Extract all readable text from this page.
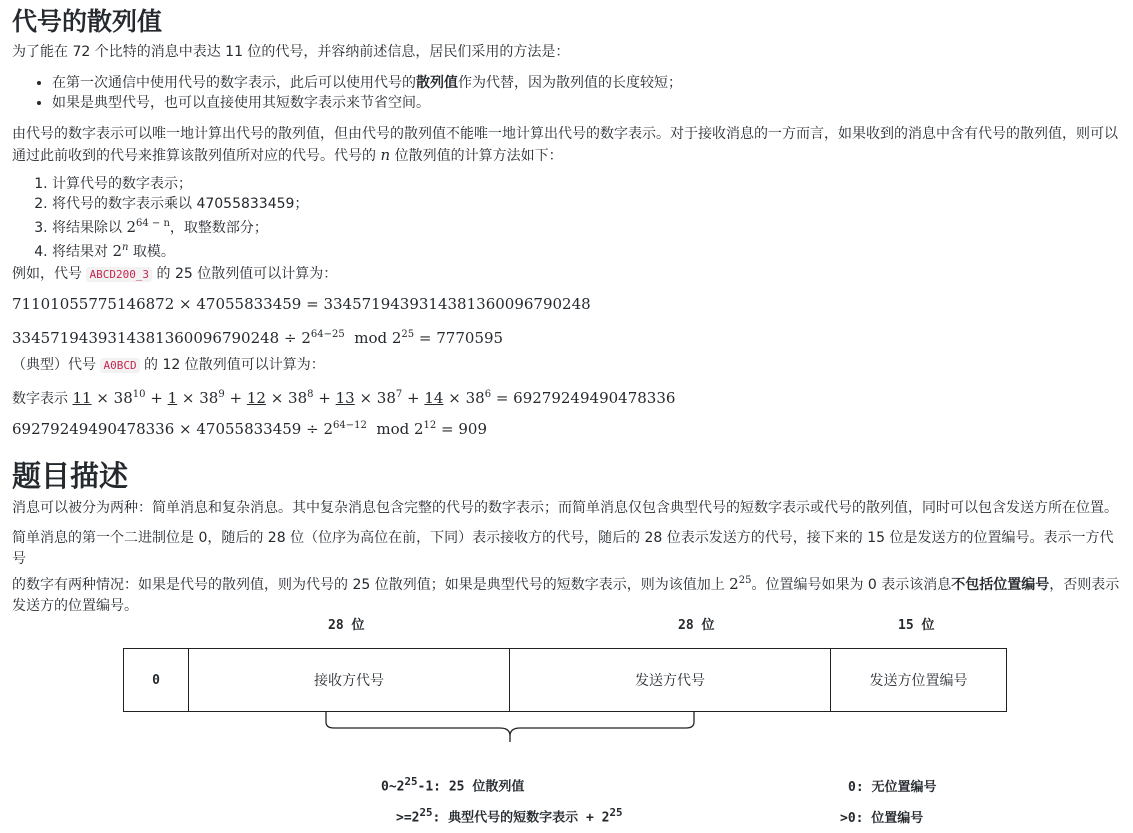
代号的散列值

为了能在 72 个比特的消息中表达 11 位的代号，并容纳前述信息，居民们采用的方法是：

• 在第一次通信中使用代号的数字表示，此后可以使用代号的散列值作为代替，因为散列值的长度较短；
• 如果是典型代号，也可以直接使用其短数字表示来节省空间。

由代号的数字表示可以唯一地计算出代号的散列值，但由代号的散列值不能唯一地计算出代号的数字表示。对于接收消息的一方而言，如果收到的消息中含有代号的散列值，则可以
通过此前收到的代号来推算该散列值所对应的代号。代号的 n 位散列值的计算方法如下：

1. 计算代号的数字表示；
2. 将代号的数字表示乘以 47055833459；
3. 将结果除以 $2^{64 - n}$，取整数部分；
4. 将结果对 2$^n$ 取模。

例如，代号 ABCD200_3 的 25 位散列值可以计算为：

71101055775146872 × 47055833459 = 3345719439314381360096790248

$3345719439314381360096790248 \div 2^{64-25}$  mod $2^{25} = 7770595$

（典型）代号 A0BCD 的 12 位散列值可以计算为：

数字表示 $11 \times 38^{10} + 1 \times 38^9 + 12 \times 38^8 + 13 \times 38^7 + 14 \times 38^6 = 69279249490478336$

$69279249490478336 \times 47055833459 \div 2^{64-12}$  mod $2^{12} = 909$

题目描述

消息可以被分为两种：简单消息和复杂消息。其中复杂消息包含完整的代号的数字表示；而简单消息仅包含典型代号的短数字表示或代号的散列值，同时可以包含发送方所在位置。

简单消息的第一个二进制位是 0，随后的 28 位（位序为高位在前，下同）表示接收方的代号，随后的 28 位表示发送方的代号，接下来的 15 位是发送方的位置编号。表示一方代号
的数字有两种情况：如果是代号的散列值，则为代号的 25 位散列值；如果是典型代号的短数字表示，则为该值加上 $2^{25}$。位置编号如果为 0 表示该消息不包括位置编号，否则表示
发送方的位置编号。

28 位	28 位	15 位
0	接收方代号	发送方代号	发送方位置编号
$0\sim 2^{25}-1$: 25 位散列值
$>=2^{25}$: 典型代号的短数字表示 + $2^{25}$
0: 无位置编号
>0: 位置编号
